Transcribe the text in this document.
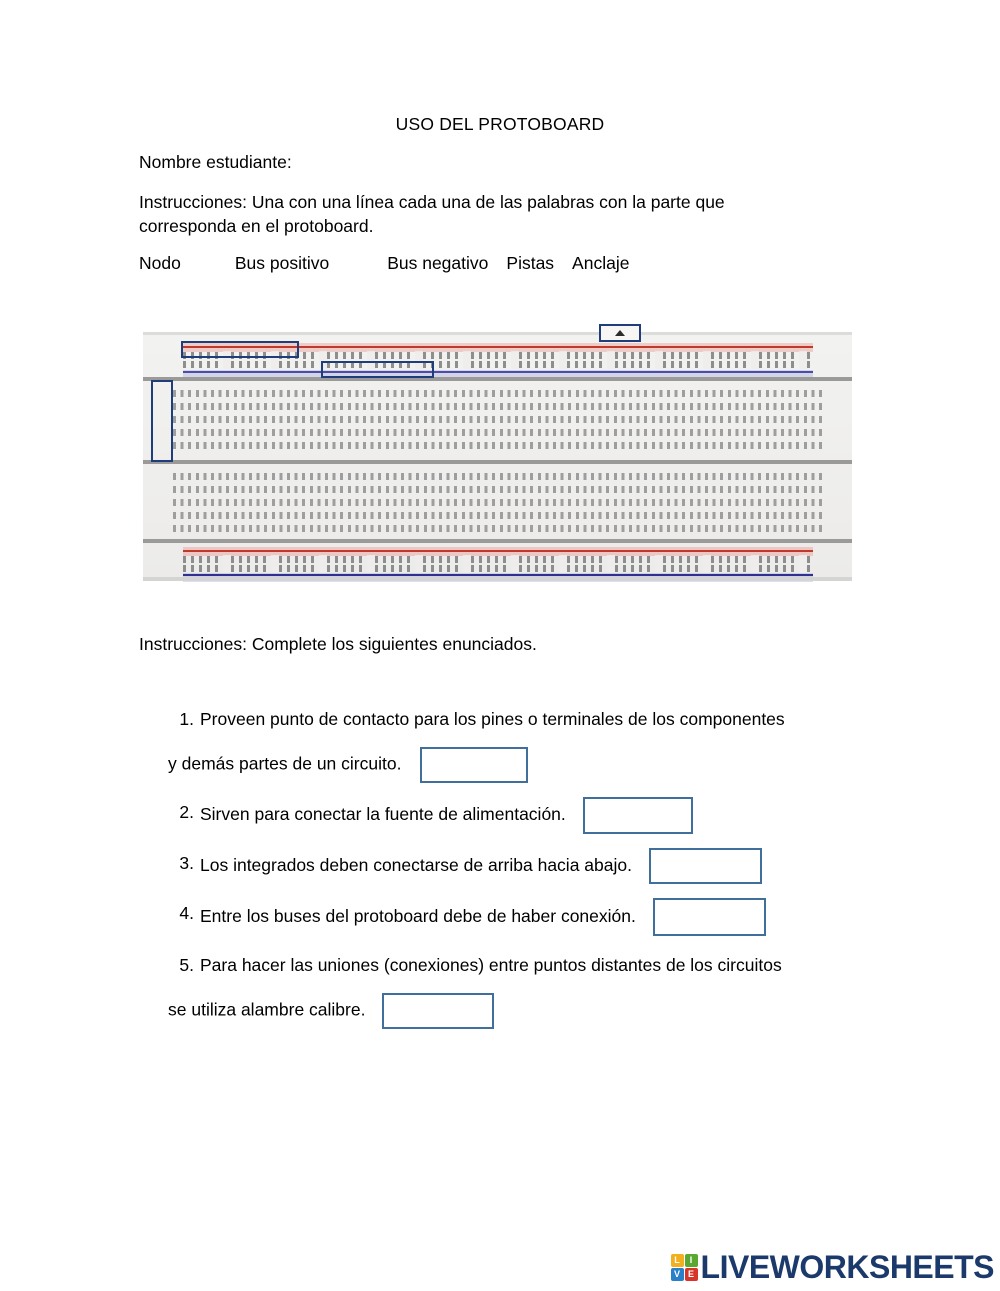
USO DEL PROTOBOARD
Nombre estudiante:
Instrucciones: Una con una línea cada una de las palabras con la parte que corresponda en el protoboard.
Nodo	Bus positivo	Bus negativo Pistas Anclaje
Instrucciones: Complete los siguientes enunciados.
1. Proveen punto de contacto para los pines o terminales de los componentes
y demás partes de un circuito.
2. Sirven para conectar la fuente de alimentación.
3. Los integrados deben conectarse de arriba hacia abajo.
4. Entre los buses del protoboard debe de haber conexión.
5. Para hacer las uniones (conexiones) entre puntos distantes de los circuitos
se utiliza alambre calibre.
L	I
V E LIVEWORKSHEETS
